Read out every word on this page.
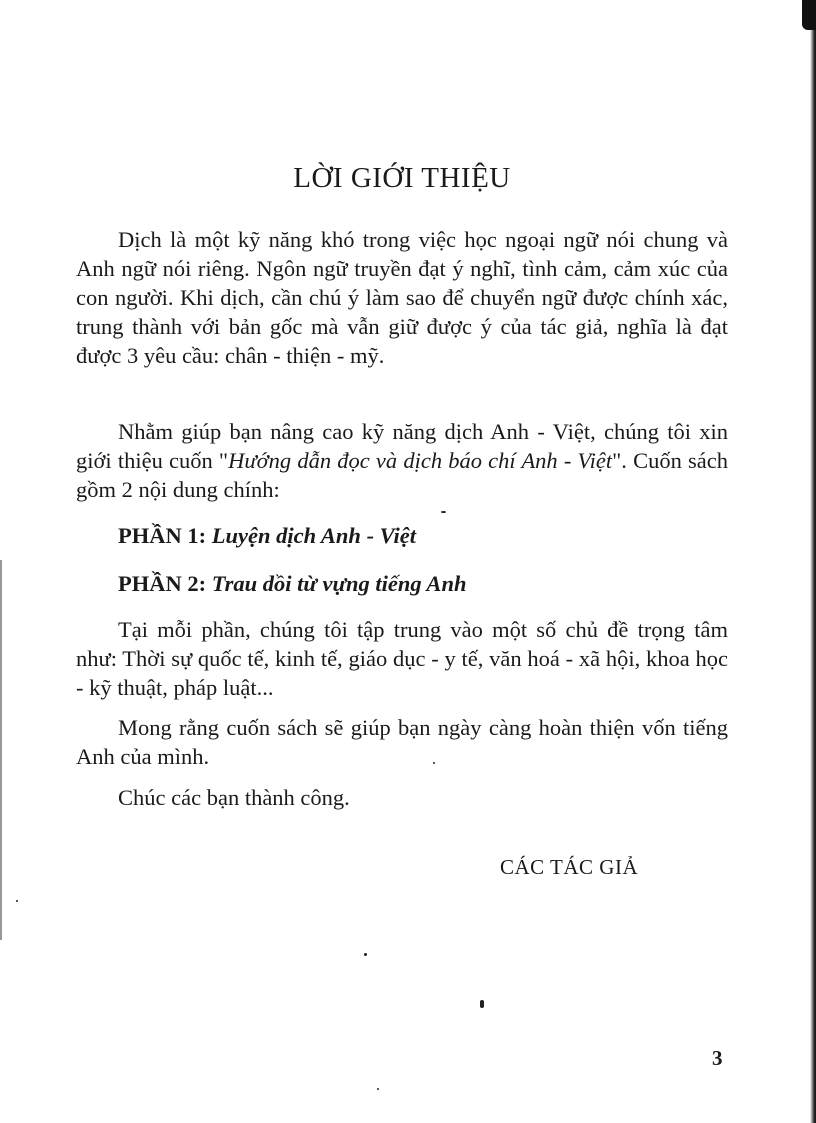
LỜI GIỚI THIỆU

Dịch là một kỹ năng khó trong việc học ngoại ngữ nói chung và Anh ngữ nói riêng. Ngôn ngữ truyền đạt ý nghĩ, tình cảm, cảm xúc của con người. Khi dịch, cần chú ý làm sao để chuyển ngữ được chính xác, trung thành với bản gốc mà vẫn giữ được ý của tác giả, nghĩa là đạt được 3 yêu cầu: chân - thiện - mỹ.

Nhằm giúp bạn nâng cao kỹ năng dịch Anh - Việt, chúng tôi xin giới thiệu cuốn "Hướng dẫn đọc và dịch báo chí Anh - Việt". Cuốn sách gồm 2 nội dung chính:

PHẦN 1: Luyện dịch Anh - Việt

PHẦN 2: Trau dồi từ vựng tiếng Anh

Tại mỗi phần, chúng tôi tập trung vào một số chủ đề trọng tâm như: Thời sự quốc tế, kinh tế, giáo dục - y tế, văn hoá - xã hội, khoa học - kỹ thuật, pháp luật...

Mong rằng cuốn sách sẽ giúp bạn ngày càng hoàn thiện vốn tiếng Anh của mình.

Chúc các bạn thành công.

CÁC TÁC GIẢ

3
